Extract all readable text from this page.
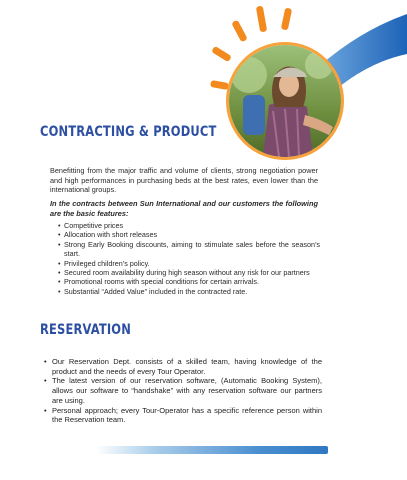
CONTRACTING & PRODUCT

Benefitting from the major traffic and volume of clients, strong negotiation power and high performances in purchasing beds at the best rates, even lower than the international groups.

In the contracts between Sun International and our customers the following are the basic features:

• Competitive prices
• Allocation with short releases
• Strong Early Booking discounts, aiming to stimulate sales before the season’s start.
• Privileged children’s policy.
• Secured room availability during high season without any risk for our partners
• Promotional rooms with special conditions for certain arrivals.
• Substantial “Added Value” included in the contracted rate.
RESERVATION
• Our Reservation Dept. consists of a skilled team, having knowledge of the product and the needs of every Tour Operator.
• The latest version of our reservation software, (Automatic Booking System), allows our software to “handshake” with any reservation software our partners are using.
• Personal approach; every Tour-Operator has a specific reference person within the Reservation team.
